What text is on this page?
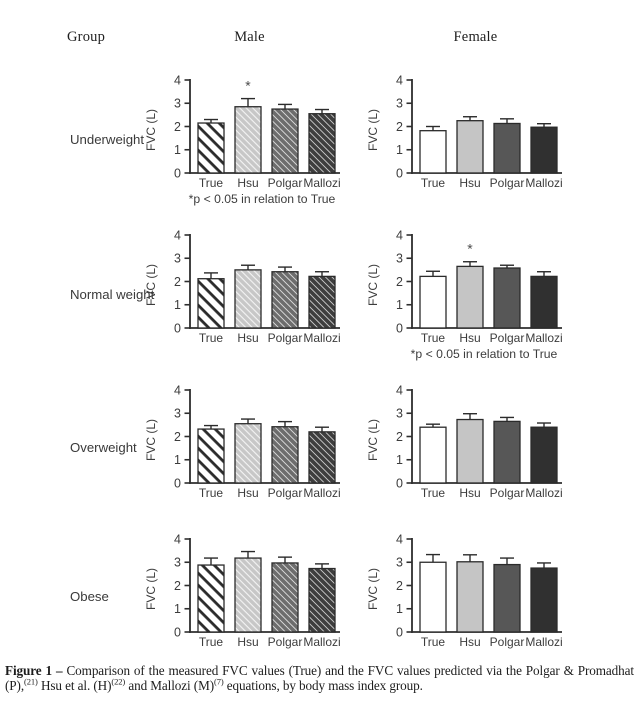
Group	Male	Female
Underweight
Normal weight
Overweight
Obese
FVC (L)
0
1
2
3
4
True
*
Hsu Polgar Mallozi
*p < 0.05 in relation to True
FVC (L)
0
1
2
3
4
True Hsu Polgar Mallozi
FVC (L)
0
1
2
3
4
True Hsu Polgar Mallozi
FVC (L)
0
1
2
3
4
True
*
Hsu Polgar Mallozi
*p < 0.05 in relation to True
FVC (L)
0
1
2
3
4
True Hsu Polgar Mallozi
FVC (L)
0
1
2
3
4
True Hsu Polgar Mallozi
FVC (L)
0
1
2
3
4
True Hsu Polgar Mallozi
FVC (L)
0
1
2
3
4
True Hsu Polgar Mallozi
Figure 1 – Comparison of the measured FVC values (True) and the FVC values predicted via the Polgar & Promadhat (P),$^{(21)}$ Hsu et al. $(H)^{(22)}$ and Mallozi $(M)^{(7)}$ equations, by body mass index group.
